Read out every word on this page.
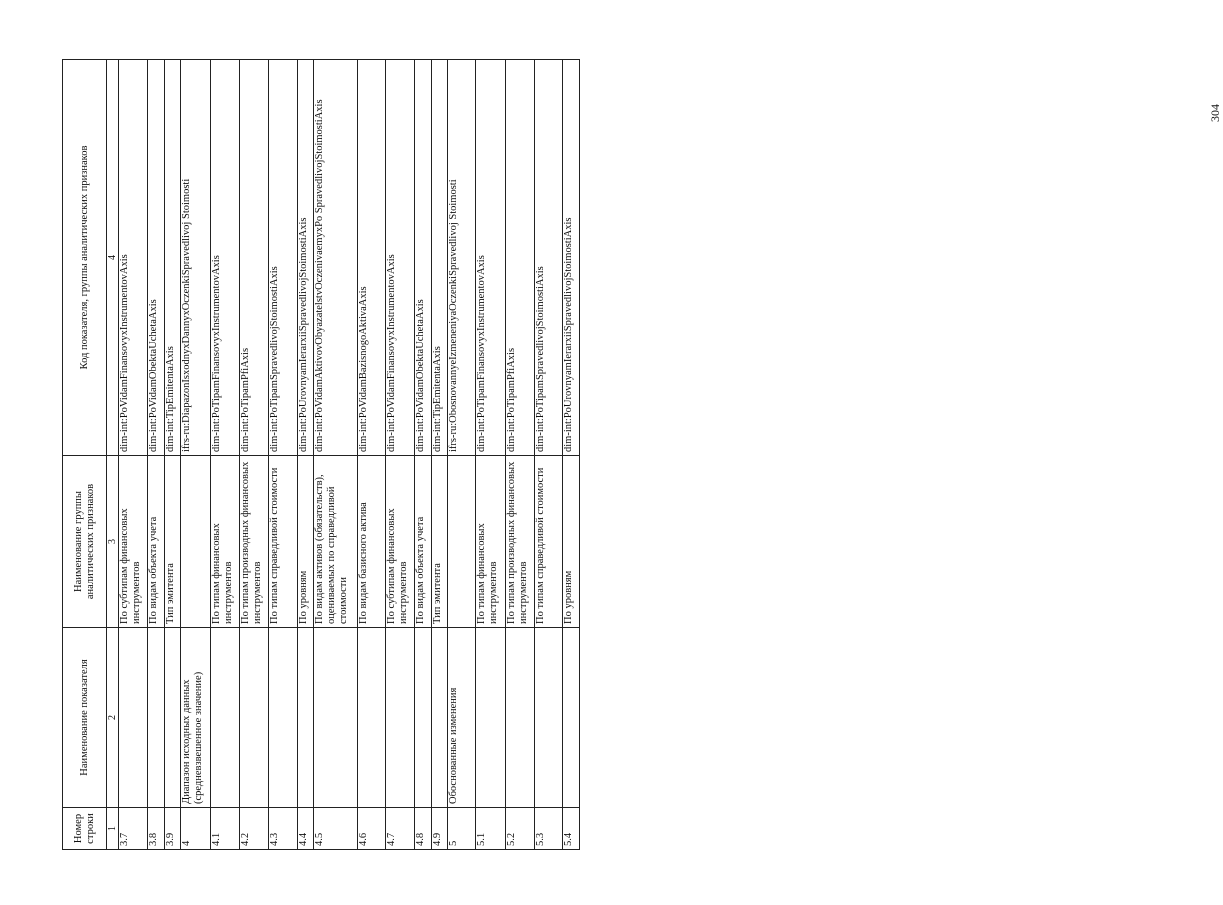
304
Номер строки	Наименование показателя	Наименование группы аналитических признаков	Код показателя, группы аналитических признаков
1	2	3	4
3.7		По субтипам финансовых инструментов	dim-int:PoVidamFinansovyxInstrumentovAxis
3.8		По видам объекта учета	dim-int:PoVidamObektaUchetaAxis
3.9		Тип эмитента	dim-int:TipEmitentaAxis
4	Диапазон исходных данных (средневзвешенное значение)		ifrs-ru:DiapazonIsxodnyxDannyxOczenkiSpravedlivoj Stoimosti
4.1		По типам финансовых инструментов	dim-int:PoTipamFinansovyxInstrumentovAxis
4.2		По типам производных финансовых инструментов	dim-int:PoTipamPfiAxis
4.3		По типам справедливой стоимости	dim-int:PoTipamSpravedlivojStoimostiAxis
4.4		По уровням	dim-int:PoUrovnyamIerarxiiSpravedlivojStoimostiAxis
4.5		По видам активов (обязательств), оцениваемых по справедливой стоимости	dim-int:PoVidamAktivovObyazatelstvOczenivaemyxPo SpravedlivojStoimostiAxis
4.6		По видам базисного актива	dim-int:PoVidamBazisnogoAktivaAxis
4.7		По субтипам финансовых инструментов	dim-int:PoVidamFinansovyxInstrumentovAxis
4.8		По видам объекта учета	dim-int:PoVidamObektaUchetaAxis
4.9		Тип эмитента	dim-int:TipEmitentaAxis
5	Обоснованные изменения		ifrs-ru:ObosnovannyeIzmeneniyaOczenkiSpravedlivoj Stoimosti
5.1		По типам финансовых инструментов	dim-int:PoTipamFinansovyxInstrumentovAxis
5.2		По типам производных финансовых инструментов	dim-int:PoTipamPfiAxis
5.3		По типам справедливой стоимости	dim-int:PoTipamSpravedlivojStoimostiAxis
5.4		По уровням	dim-int:PoUrovnyamIerarxiiSpravedlivojStoimostiAxis
